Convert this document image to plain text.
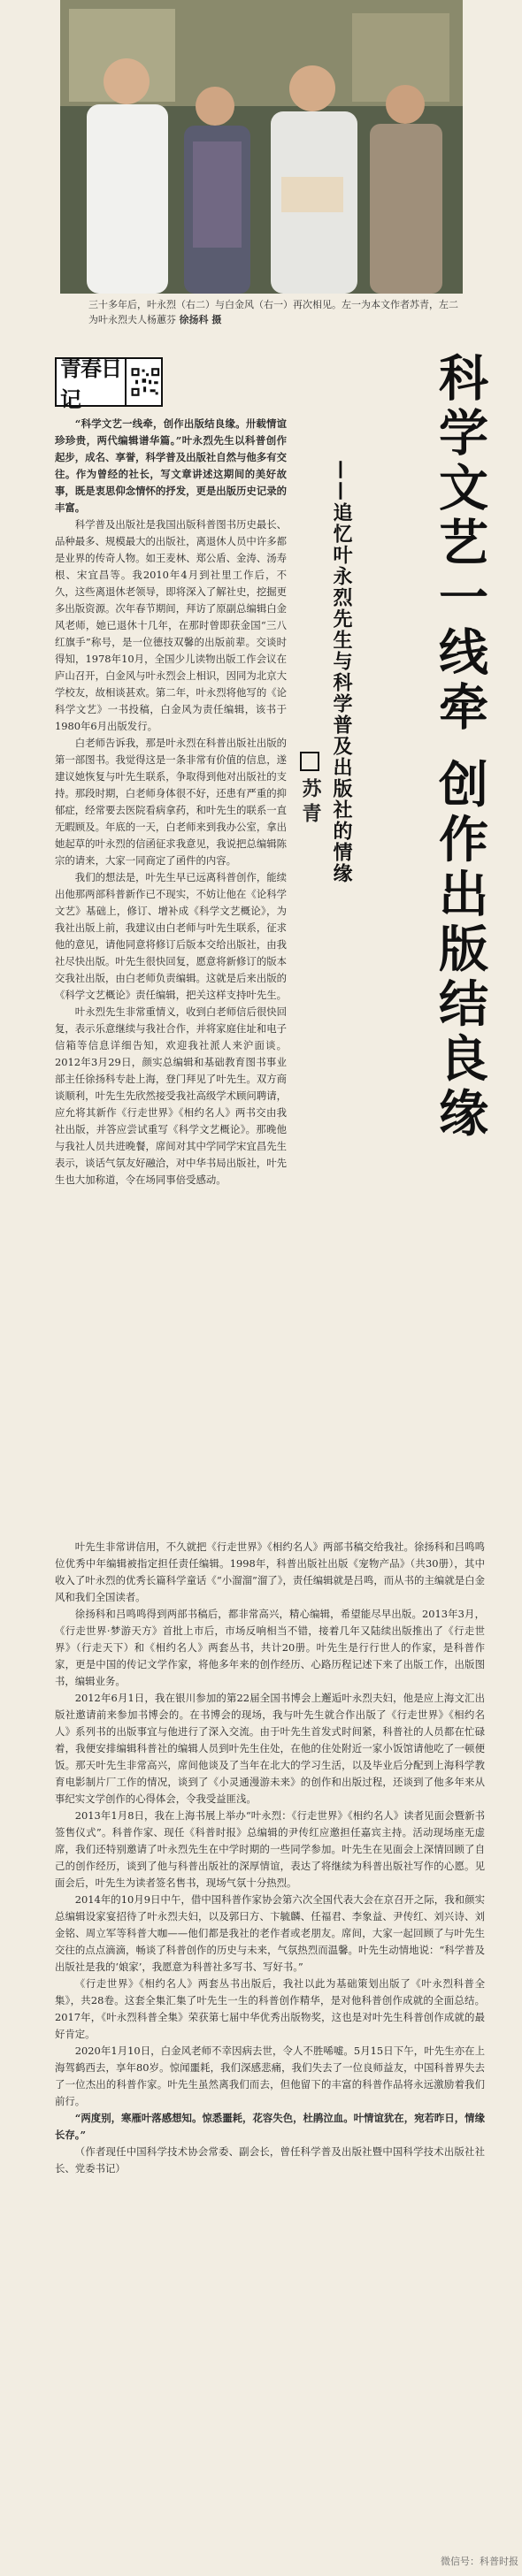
三十多年后，叶永烈（右二）与白金风（右一）再次相见。左一为本文作者苏青，左二为叶永烈夫人杨蕙芬 徐扬科 摄
青春日记	科学文艺一线牵 创作出版结良缘
——追忆叶永烈先生与科学普及出版社的情缘
苏青

“科学文艺一线牵，创作出版结良缘。卅载情谊珍珍贵，两代编辑谱华篇。”叶永烈先生以科普创作起步，成名、享誉，科学普及出版社自然与他多有交往。作为曾经的社长，写文章讲述这期间的美好故事，既是衷思仰念情怀的抒发，更是出版历史记录的丰富。

科学普及出版社是我国出版科普图书历史最长、品种最多、规模最大的出版社，离退休人员中许多都是业界的传奇人物。如王麦林、郑公盾、金涛、汤寿根、宋宜昌等。我2010年4月到社里工作后，不久，这些离退休老领导，即将深入了解社史，挖掘更多出版资源。次年春节期间，拜访了原副总编辑白金风老师，她已退休十几年，在那时曾即获金国“三八红旗手”称号，是一位德技双馨的出版前辈。交谈时得知，1978年10月，全国少儿读物出版工作会议在庐山召开，白金风与叶永烈会上相识，因同为北京大学校友，故相谈甚欢。第二年，叶永烈将他写的《论科学文艺》一书投稿，白金风为责任编辑，该书于1980年6月出版发行。

白老师告诉我，那是叶永烈在科普出版社出版的第一部图书。我觉得这是一条非常有价值的信息，遂建议她恢复与叶先生联系，争取得到他对出版社的支持。那段时期，白老师身体很不好，还患有严重的抑郁症，经常要去医院看病拿药，和叶先生的联系一直无暇顾及。年底的一天，白老师来到我办公室，拿出她起草的叶永烈的信函征求我意见，我说把总编辑陈宗的请来，大家一同商定了函件的内容。

我们的想法是，叶先生早已远离科普创作，能续出他那两部科普新作已不现实，不妨让他在《论科学文艺》基础上，修订、增补成《科学文艺概论》，为我社出版上前，我建议由白老师与叶先生联系，征求他的意见，请他同意将修订后版本交给出版社，由我社尽快出版。叶先生很快回复，愿意将新修订的版本交我社出版，由白老师负责编辑。这就是后来出版的《科学文艺概论》责任编辑，把关这样支持叶先生。

叶永烈先生非常重情义，收到白老师信后很快回复，表示乐意继续与我社合作，并将家庭住址和电子信箱等信息详细告知，欢迎我社派人来沪面谈。2012年3月29日，颜实总编辑和基础教育图书事业部主任徐扬科专赴上海，登门拜见了叶先生。双方商谈顺利，叶先生先欣然接受我社高级学术顾问聘请，应允将其新作《行走世界》《相约名人》两书交由我社出版，并答应尝试重写《科学文艺概论》。那晚他与我社人员共进晚餐，席间对其中学同学宋宜昌先生表示，谈话气氛友好融洽，对中华书局出版社，叶先生也大加称道，令在场同事倍受感动。

叶先生非常讲信用，不久就把《行走世界》《相约名人》两部书稿交给我社。徐扬科和吕鸣鸣位优秀中年编辑被指定担任责任编辑。1998年，科普出版社出版《宠物产品》（共30册），其中收入了叶永烈的优秀长篇科学童话《“小溜溜”溜了》，责任编辑就是吕鸣，而从书的主编就是白金风和我们全国读者。

徐扬科和吕鸣鸣得到两部书稿后，都非常高兴，精心编辑，希望能尽早出版。2013年3月，《行走世界·梦游天方》首批上市后，市场反响相当不错，接着几年又陆续出版推出了《行走世界》（行走天下）和《相约名人》两套丛书，共计20册。叶先生是行行世人的作家，是科普作家，更是中国的传记文学作家，将他多年来的创作经历、心路历程记述下来了出版工作，出版图书，编辑业务。

2012年6月1日，我在银川参加的第22届全国书博会上邂逅叶永烈夫妇，他是应上海文汇出版社邀请前来参加书博会的。在书博会的现场，我与叶先生就合作出版了《行走世界》《相约名人》系列书的出版事宜与他进行了深入交流。由于叶先生首发式时间紧，科普社的人员都在忙碌着，我便安排编辑科普社的编辑人员到叶先生住处，在他的住处附近一家小饭馆请他吃了一顿便饭。那天叶先生非常高兴，席间他谈及了当年在北大的学习生活，以及毕业后分配到上海科学教育电影制片厂工作的情况，谈到了《小灵通漫游未来》的创作和出版过程，还谈到了他多年来从事纪实文学创作的心得体会，令我受益匪浅。

2013年1月8日，我在上海书展上举办“叶永烈：《行走世界》《相约名人》读者见面会暨新书签售仪式”。科普作家、现任《科普时报》总编辑的尹传红应邀担任嘉宾主持。活动现场座无虚席，我们还特别邀请了叶永烈先生在中学时期的一些同学参加。叶先生在见面会上深情回顾了自己的创作经历，谈到了他与科普出版社的深厚情谊，表达了将继续为科普出版社写作的心愿。见面会后，叶先生为读者签名售书，现场气氛十分热烈。

2014年的10月9日中午，借中国科普作家协会第六次全国代表大会在京召开之际，我和颜实总编辑设家宴招待了叶永烈夫妇，以及郭曰方、卞毓麟、任福君、李象益、尹传红、刘兴诗、刘金铭、周立军等科普大咖——他们都是我社的老作者或老朋友。席间，大家一起回顾了与叶先生交往的点点滴滴，畅谈了科普创作的历史与未来，气氛热烈而温馨。叶先生动情地说：“科学普及出版社是我的‘娘家’，我愿意为科普社多写书、写好书。”

《行走世界》《相约名人》两套丛书出版后，我社以此为基础策划出版了《叶永烈科普全集》，共28卷。这套全集汇集了叶先生一生的科普创作精华，是对他科普创作成就的全面总结。2017年，《叶永烈科普全集》荣获第七届中华优秀出版物奖，这也是对叶先生科普创作成就的最好肯定。

2020年1月10日，白金风老师不幸因病去世，令人不胜唏嘘。5月15日下午，叶先生亦在上海驾鹤西去，享年80岁。惊闻噩耗，我们深感悲痛，我们失去了一位良师益友，中国科普界失去了一位杰出的科普作家。叶先生虽然离我们而去，但他留下的丰富的科普作品将永远激励着我们前行。

“两度别，寒雁叶落感想知。惊悉噩耗，花容失色，杜鹃泣血。叶情谊犹在，宛若昨日，情缘长存。”

（作者现任中国科学技术协会常委、副会长，曾任科学普及出版社暨中国科学技术出版社社长、党委书记）

微信号：科普时报
